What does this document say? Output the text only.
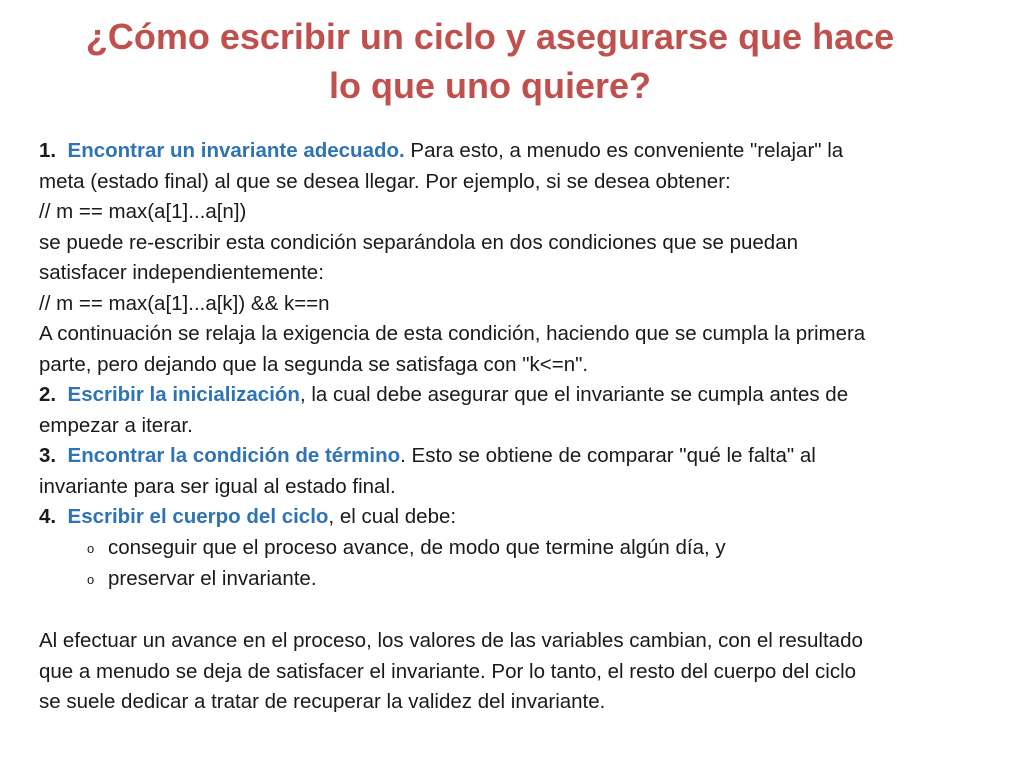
¿Cómo escribir un ciclo y asegurarse que hace
lo que uno quiere?
1. Encontrar un invariante adecuado. Para esto, a menudo es conveniente "relajar" la
meta (estado final) al que se desea llegar. Por ejemplo, si se desea obtener:
// m == max(a[1]...a[n])
se puede re-escribir esta condición separándola en dos condiciones que se puedan
satisfacer independientemente:
// m == max(a[1]...a[k]) && k==n
A continuación se relaja la exigencia de esta condición, haciendo que se cumpla la primera
parte, pero dejando que la segunda se satisfaga con "k<=n".
2. Escribir la inicialización, la cual debe asegurar que el invariante se cumpla antes de
empezar a iterar.
3. Encontrar la condición de término. Esto se obtiene de comparar "qué le falta" al
invariante para ser igual al estado final.
4. Escribir el cuerpo del ciclo, el cual debe:
o conseguir que el proceso avance, de modo que termine algún día, y
o preservar el invariante.
Al efectuar un avance en el proceso, los valores de las variables cambian, con el resultado
que a menudo se deja de satisfacer el invariante. Por lo tanto, el resto del cuerpo del ciclo
se suele dedicar a tratar de recuperar la validez del invariante.
